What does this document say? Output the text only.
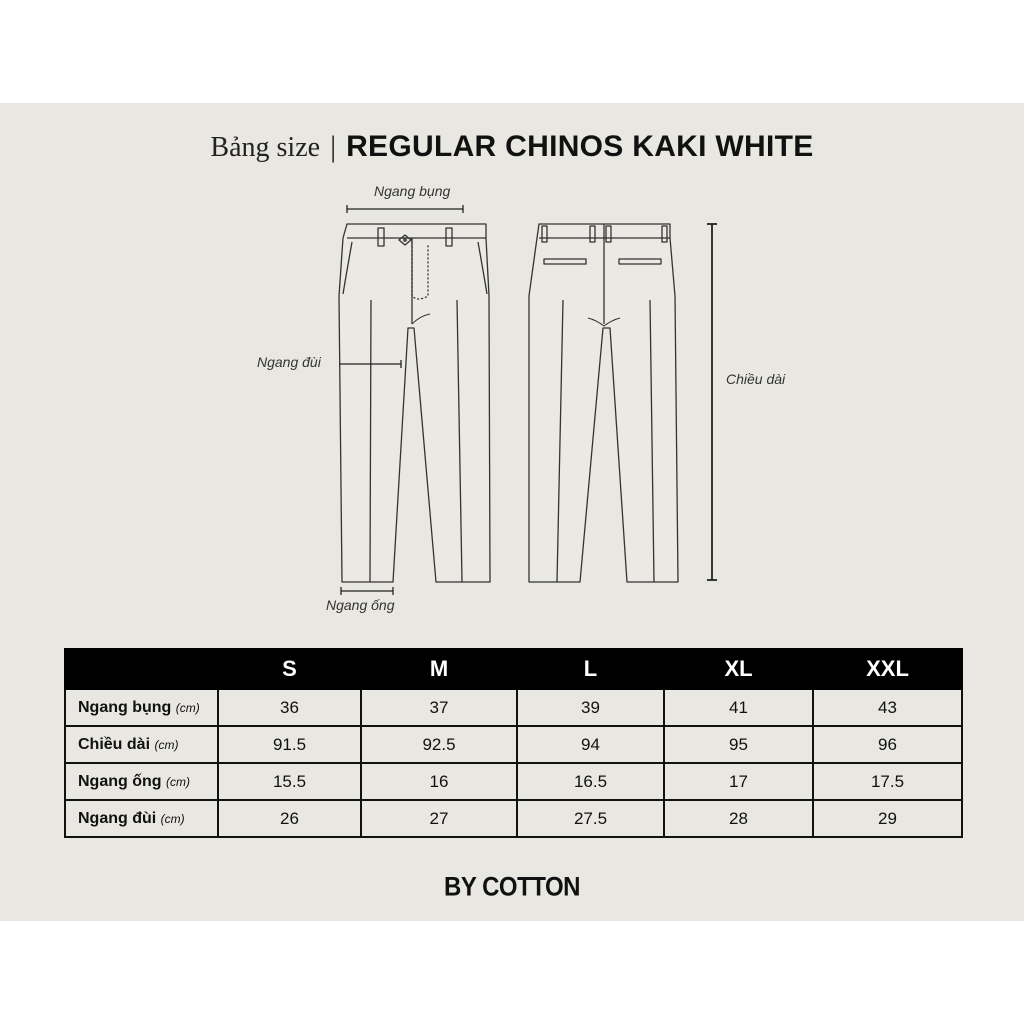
Bảng size | REGULAR CHINOS KAKI WHITE
Ngang bụng
Ngang đùi
Chiều dài
Ngang ống
	S	M	L	XL	XXL
Ngang bụng (cm)	36	37	39	41	43
Chiều dài (cm)	91.5	92.5	94	95	96
Ngang ống (cm)	15.5	16	16.5	17	17.5
Ngang đùi (cm)	26	27	27.5	28	29
BY COTTON
